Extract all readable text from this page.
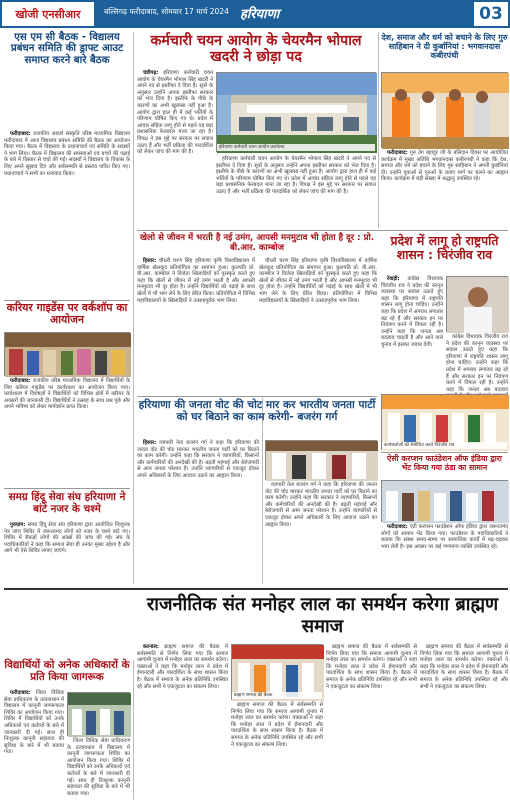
खोजी एनसीआर	बल्लिगढ़ फरीदाबाद, सोमवार 17 मार्च 2024 हरियाणा	03
एस एम सी बैठक - विद्यालय प्रबंधन समिति की ड्राफ्ट आउट समाप्त करने बारे बैठक

फरीदाबाद: राजकीय आदर्श संस्कृति वरिष्ठ माध्यमिक विद्यालय फरीदाबाद में आज विद्यालय प्रबंधन समिति की बैठक का आयोजन किया गया। बैठक में विद्यालय के प्रधानाचार्य एवं समिति के सदस्यों ने भाग लिया। बैठक में विद्यालय की समस्याओं एवं बच्चों की पढ़ाई के बारे में विस्तार से चर्चा की गई। सदस्यों ने विद्यालय के विकास के लिए अपने सुझाव दिए और सर्वसम्मति से प्रस्ताव पारित किए गए। प्रधानाचार्य ने सभी का धन्यवाद किया।

करियर गाइडेंस पर वर्कशॉप का आयोजन

फरीदाबाद: राजकीय वरिष्ठ माध्यमिक विद्यालय में विद्यार्थियों के लिए करियर गाइडेंस पर कार्यशाला का आयोजन किया गया। कार्यशाला में विशेषज्ञों ने विद्यार्थियों को विभिन्न क्षेत्रों में करियर के अवसरों की जानकारी दी। विद्यार्थियों ने उत्साह के साथ प्रश्न पूछे और अपने भविष्य को लेकर मार्गदर्शन प्राप्त किया।

समग्र हिंदू सेवा संघ हरियाणा ने बांटे नजर के चश्मे

गुरुग्राम: समग्र हिंदू सेवा संघ हरियाणा द्वारा आयोजित निःशुल्क नेत्र जांच शिविर में जरूरतमंद लोगों को नजर के चश्मे बांटे गए। शिविर में सैकड़ों लोगों की आंखों की जांच की गई। संघ के पदाधिकारियों ने कहा कि समाज सेवा ही उनका मुख्य उद्देश्य है और आगे भी ऐसे शिविर लगाए जाएंगे।

कर्मचारी चयन आयोग के चेयरमैन भोपाल खदरी ने छोड़ा पद

चंडीगढ़: हरियाणा कर्मचारी चयन आयोग के चेयरमैन भोपाल सिंह खदरी ने अपने पद से इस्तीफा दे दिया है। सूत्रों के अनुसार उन्होंने अपना इस्तीफा सरकार को भेज दिया है। इस्तीफे के पीछे के कारणों का अभी खुलासा नहीं हुआ है। आयोग द्वारा हाल ही में कई भर्तियों के परिणाम घोषित किए गए थे। प्रदेश में आचार संहिता लागू होने से पहले यह बड़ा प्रशासनिक फेरबदल माना जा रहा है। विपक्ष ने इस मुद्दे पर सरकार पर सवाल उठाए हैं और भर्ती प्रक्रिया की पारदर्शिता को लेकर जांच की मांग की है।

हरियाणा कर्मचारी चयन आयोग कार्यालय

हरियाणा कर्मचारी चयन आयोग के चेयरमैन भोपाल सिंह खदरी ने अपने पद से इस्तीफा दे दिया है। सूत्रों के अनुसार उन्होंने अपना इस्तीफा सरकार को भेज दिया है। इस्तीफे के पीछे के कारणों का अभी खुलासा नहीं हुआ है। आयोग द्वारा हाल ही में कई भर्तियों के परिणाम घोषित किए गए थे। प्रदेश में आचार संहिता लागू होने से पहले यह बड़ा प्रशासनिक फेरबदल माना जा रहा है। विपक्ष ने इस मुद्दे पर सरकार पर सवाल उठाए हैं और भर्ती प्रक्रिया की पारदर्शिता को लेकर जांच की मांग की है।

देश, समाज और धर्म को बचाने के लिए गुरु साहिबान ने दी कुर्बानियां : भगवानदास कबीरपंथी

फरीदाबाद: गुरु तेग बहादुर जी के बलिदान दिवस पर आयोजित कार्यक्रम में मुख्य अतिथि भगवानदास कबीरपंथी ने कहा कि देश, समाज और धर्म को बचाने के लिए गुरु साहिबान ने अपनी कुर्बानियां दीं। उन्होंने युवाओं से गुरुओं के बताए मार्ग पर चलने का आह्वान किया। कार्यक्रम में बड़ी संख्या में श्रद्धालु उपस्थित रहे।

खेलो से जीवन में भरती है नई उमंग, आपसी मनमुटाव भी होता है दूर : प्रो. बी.आर. काम्बोज

हिसार: चौधरी चरण सिंह हरियाणा कृषि विश्वविद्यालय में वार्षिक खेलकूद प्रतियोगिता का समापन हुआ। कुलपति प्रो. बी.आर. काम्बोज ने विजेता खिलाड़ियों को पुरस्कृत करते हुए कहा कि खेलों से जीवन में नई उमंग भरती है और आपसी मनमुटाव भी दूर होता है। उन्होंने विद्यार्थियों को पढ़ाई के साथ खेलों में भी भाग लेने के लिए प्रेरित किया। प्रतियोगिता में विभिन्न महाविद्यालयों के खिलाड़ियों ने उत्साहपूर्वक भाग लिया।

चौधरी चरण सिंह हरियाणा कृषि विश्वविद्यालय में वार्षिक खेलकूद प्रतियोगिता का समापन हुआ। कुलपति प्रो. बी.आर. काम्बोज ने विजेता खिलाड़ियों को पुरस्कृत करते हुए कहा कि खेलों से जीवन में नई उमंग भरती है और आपसी मनमुटाव भी दूर होता है। उन्होंने विद्यार्थियों को पढ़ाई के साथ खेलों में भी भाग लेने के लिए प्रेरित किया। प्रतियोगिता में विभिन्न महाविद्यालयों के खिलाड़ियों ने उत्साहपूर्वक भाग लिया।

प्रदेश में लागू हो राष्ट्रपति शासन : चिरंजीव राव

रेवाड़ी: कांग्रेस विधायक चिरंजीव राव ने प्रदेश की कानून व्यवस्था पर सवाल उठाते हुए कहा कि हरियाणा में राष्ट्रपति शासन लागू होना चाहिए। उन्होंने कहा कि प्रदेश में अपराध लगातार बढ़ रहे हैं और सरकार इन पर नियंत्रण करने में विफल रही है। उन्होंने कहा कि जनता अब बदलाव चाहती है और आने वाले चुनाव में इसका जवाब देगी।

कांग्रेस विधायक चिरंजीव राव ने प्रदेश की कानून व्यवस्था पर सवाल उठाते हुए कहा कि हरियाणा में राष्ट्रपति शासन लागू होना चाहिए। उन्होंने कहा कि प्रदेश में अपराध लगातार बढ़ रहे हैं और सरकार इन पर नियंत्रण करने में विफल रही है। उन्होंने कहा कि जनता अब बदलाव

कार्यकर्ताओं को संबोधित करते चिरंजीव राव
ऐसी करप्शन फाउंडेशन ऑफ इंडिया द्वारा भेंट किया गया ठंडा का सामान

फरीदाबाद: एंटी करप्शन फाउंडेशन ऑफ इंडिया द्वारा जरूरतमंद लोगों को सामान भेंट किया गया। फाउंडेशन के पदाधिकारियों ने बताया कि संस्था समय-समय पर सामाजिक कार्यों में बढ़-चढ़कर भाग लेती है। इस अवसर पर कई गणमान्य व्यक्ति उपस्थित रहे।

हरियाणा की जनता वोट की चोट मार कर भारतीय जनता पार्टी को घर बिठाने का काम करेगी- बजरंग गर्ग

हिसार: व्यापारी नेता बजरंग गर्ग ने कहा कि हरियाणा की जनता वोट की चोट मारकर भारतीय जनता पार्टी को घर बिठाने का काम करेगी। उन्होंने कहा कि सरकार ने व्यापारियों, किसानों और कर्मचारियों की अनदेखी की है। बढ़ती महंगाई और बेरोजगारी से आम जनता परेशान है। उन्होंने व्यापारियों से एकजुट होकर अपने अधिकारों के लिए आवाज उठाने का आह्वान किया।

व्यापारी नेता बजरंग गर्ग ने कहा कि हरियाणा की जनता वोट की चोट मारकर भारतीय जनता पार्टी को घर बिठाने का काम करेगी। उन्होंने कहा कि सरकार ने व्यापारियों, किसानों और कर्मचारियों की अनदेखी की है। बढ़ती महंगाई और बेरोजगारी से आम जनता परेशान है। उन्होंने व्यापारियों से एकजुट होकर अपने अधिकारों के लिए आवाज उठाने का आह्वान किया।

राजनीतिक संत मनोहर लाल का समर्थन करेगा ब्राह्मण समाज

करनाल: ब्राह्मण समाज की बैठक में सर्वसम्मति से निर्णय लिया गया कि समाज आगामी चुनाव में मनोहर लाल का समर्थन करेगा। वक्ताओं ने कहा कि मनोहर लाल ने प्रदेश में ईमानदारी और पारदर्शिता के साथ शासन किया है। बैठक में समाज के अनेक प्रतिनिधि उपस्थित रहे और सभी ने एकजुटता का संकल्प लिया।

ब्राह्मण समाज की बैठक

ब्राह्मण समाज की बैठक में सर्वसम्मति से निर्णय लिया गया कि समाज आगामी चुनाव में मनोहर लाल का समर्थन करेगा। वक्ताओं ने कहा कि मनोहर लाल ने प्रदेश में ईमानदारी और पारदर्शिता के साथ शासन किया है। बैठक में समाज के अनेक प्रतिनिधि उपस्थित रहे और सभी ने एकजुटता का संकल्प लिया।

ब्राह्मण समाज की बैठक में सर्वसम्मति से निर्णय लिया गया कि समाज आगामी चुनाव में मनोहर लाल का समर्थन करेगा। वक्ताओं ने कहा कि मनोहर लाल ने प्रदेश में ईमानदारी और पारदर्शिता के साथ शासन किया है। बैठक में समाज के अनेक प्रतिनिधि उपस्थित रहे और सभी ने एकजुटता का संकल्प लिया।

ब्राह्मण समाज की बैठक में सर्वसम्मति से निर्णय लिया गया कि समाज आगामी चुनाव में मनोहर लाल का समर्थन करेगा। वक्ताओं ने कहा कि मनोहर लाल ने प्रदेश में ईमानदारी और पारदर्शिता के साथ शासन किया है। बैठक में समाज के अनेक प्रतिनिधि उपस्थित रहे और सभी ने एकजुटता का संकल्प लिया।

विद्यार्थियों को अनेक अधिकारों के प्रति किया जागरूक

फरीदाबाद: जिला विधिक सेवा प्राधिकरण के तत्वावधान में विद्यालय में कानूनी जागरूकता शिविर का आयोजन किया गया। शिविर में विद्यार्थियों को उनके अधिकारों एवं कर्तव्यों के बारे में जानकारी दी गई। साथ ही निःशुल्क कानूनी सहायता की सुविधा के बारे में भी बताया गया।

जिला विधिक सेवा प्राधिकरण के तत्वावधान में विद्यालय में कानूनी जागरूकता शिविर का आयोजन किया गया। शिविर में विद्यार्थियों को उनके अधिकारों एवं कर्तव्यों के बारे में जानकारी दी गई। साथ ही निःशुल्क कानूनी सहायता की सुविधा के बारे में भी बताया गया।
